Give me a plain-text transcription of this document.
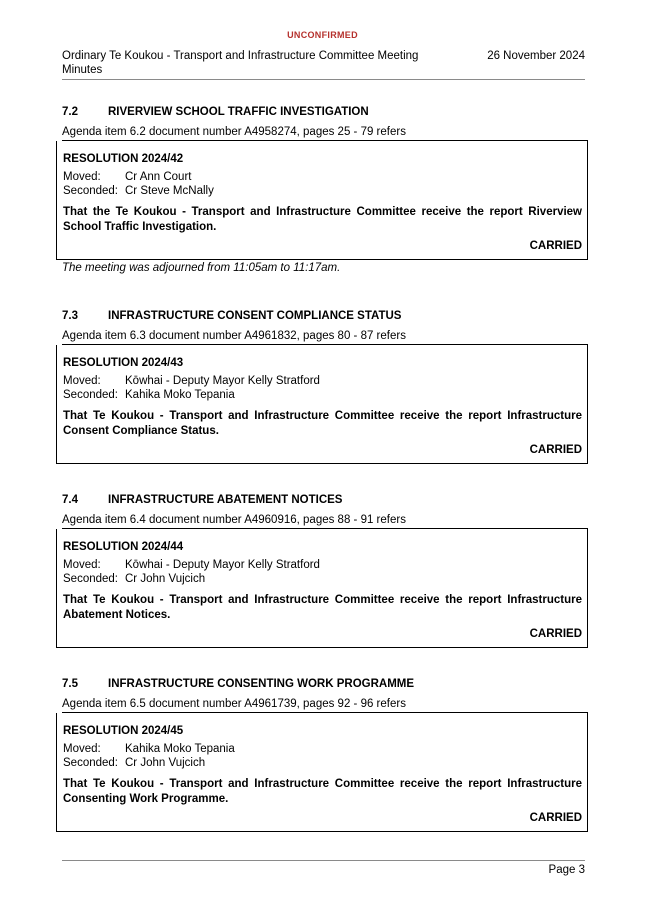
UNCONFIRMED
Ordinary Te Koukou - Transport and Infrastructure Committee Meeting Minutes
26 November 2024
7.2	RIVERVIEW SCHOOL TRAFFIC INVESTIGATION
Agenda item 6.2 document number A4958274, pages 25 - 79 refers
RESOLUTION 2024/42
Moved: Cr Ann Court
Seconded: Cr Steve McNally
That the Te Koukou - Transport and Infrastructure Committee receive the report Riverview School Traffic Investigation.
CARRIED
The meeting was adjourned from 11:05am to 11:17am.
7.3	INFRASTRUCTURE CONSENT COMPLIANCE STATUS
Agenda item 6.3 document number A4961832, pages 80 - 87 refers
RESOLUTION 2024/43
Moved: Kōwhai - Deputy Mayor Kelly Stratford
Seconded: Kahika Moko Tepania
That Te Koukou - Transport and Infrastructure Committee receive the report Infrastructure Consent Compliance Status.
CARRIED
7.4	INFRASTRUCTURE ABATEMENT NOTICES
Agenda item 6.4 document number A4960916, pages 88 - 91 refers
RESOLUTION 2024/44
Moved: Kōwhai - Deputy Mayor Kelly Stratford
Seconded: Cr John Vujcich
That Te Koukou - Transport and Infrastructure Committee receive the report Infrastructure Abatement Notices.
CARRIED
7.5	INFRASTRUCTURE CONSENTING WORK PROGRAMME
Agenda item 6.5 document number A4961739, pages 92 - 96 refers
RESOLUTION 2024/45
Moved: Kahika Moko Tepania
Seconded: Cr John Vujcich
That Te Koukou - Transport and Infrastructure Committee receive the report Infrastructure Consenting Work Programme.
CARRIED
Page 3
